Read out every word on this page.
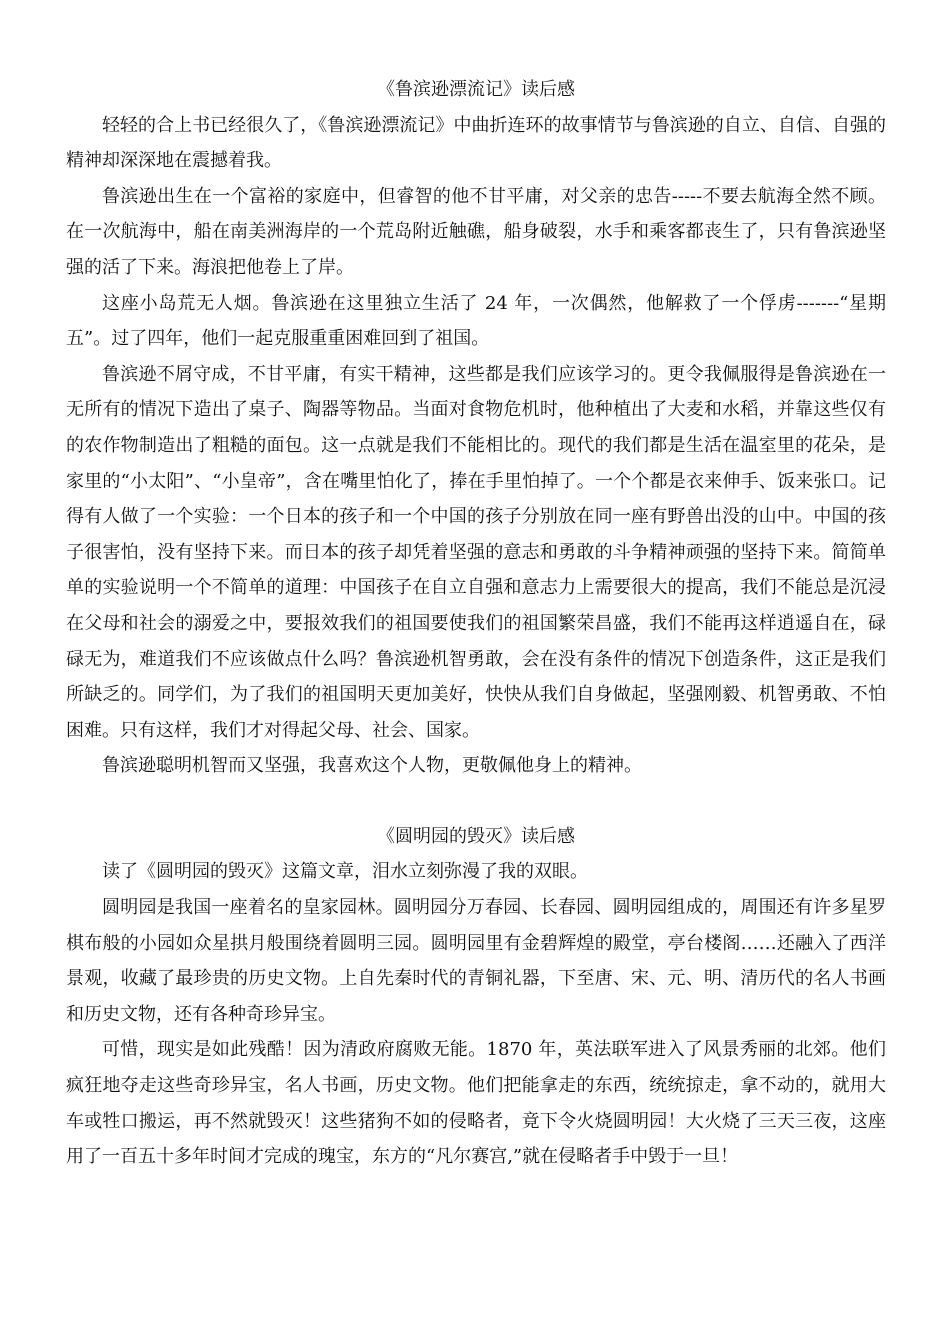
《鲁滨逊漂流记》读后感

轻轻的合上书已经很久了，《鲁滨逊漂流记》中曲折连环的故事情节与鲁滨逊的自立、自信、自强的精神却深深地在震撼着我。

鲁滨逊出生在一个富裕的家庭中，但睿智的他不甘平庸，对父亲的忠告-----不要去航海全然不顾。在一次航海中，船在南美洲海岸的一个荒岛附近触礁，船身破裂，水手和乘客都丧生了，只有鲁滨逊坚强的活了下来。海浪把他卷上了岸。

这座小岛荒无人烟。鲁滨逊在这里独立生活了 24 年，一次偶然，他解救了一个俘虏-------“星期五”。过了四年，他们一起克服重重困难回到了祖国。

鲁滨逊不屑守成，不甘平庸，有实干精神，这些都是我们应该学习的。更令我佩服得是鲁滨逊在一无所有的情况下造出了桌子、陶器等物品。当面对食物危机时，他种植出了大麦和水稻，并靠这些仅有的农作物制造出了粗糙的面包。这一点就是我们不能相比的。现代的我们都是生活在温室里的花朵，是家里的“小太阳”、“小皇帝”，含在嘴里怕化了，捧在手里怕掉了。一个个都是衣来伸手、饭来张口。记得有人做了一个实验：一个日本的孩子和一个中国的孩子分别放在同一座有野兽出没的山中。中国的孩子很害怕，没有坚持下来。而日本的孩子却凭着坚强的意志和勇敢的斗争精神顽强的坚持下来。简简单单的实验说明一个不简单的道理：中国孩子在自立自强和意志力上需要很大的提高，我们不能总是沉浸在父母和社会的溺爱之中，要报效我们的祖国要使我们的祖国繁荣昌盛，我们不能再这样逍遥自在，碌碌无为，难道我们不应该做点什么吗？鲁滨逊机智勇敢，会在没有条件的情况下创造条件，这正是我们所缺乏的。同学们，为了我们的祖国明天更加美好，快快从我们自身做起，坚强刚毅、机智勇敢、不怕困难。只有这样，我们才对得起父母、社会、国家。

鲁滨逊聪明机智而又坚强，我喜欢这个人物，更敬佩他身上的精神。

《圆明园的毁灭》读后感

读了《圆明园的毁灭》这篇文章，泪水立刻弥漫了我的双眼。

圆明园是我国一座着名的皇家园林。圆明园分万春园、长春园、圆明园组成的，周围还有许多星罗棋布般的小园如众星拱月般围绕着圆明三园。圆明园里有金碧辉煌的殿堂，亭台楼阁……还融入了西洋景观，收藏了最珍贵的历史文物。上自先秦时代的青铜礼器，下至唐、宋、元、明、清历代的名人书画和历史文物，还有各种奇珍异宝。

可惜，现实是如此残酷！因为清政府腐败无能。1870 年，英法联军进入了风景秀丽的北郊。他们疯狂地夺走这些奇珍异宝，名人书画，历史文物。他们把能拿走的东西，统统掠走，拿不动的，就用大车或牲口搬运，再不然就毁灭！这些猪狗不如的侵略者，竟下令火烧圆明园！大火烧了三天三夜，这座用了一百五十多年时间才完成的瑰宝，东方的“凡尔赛宫,”就在侵略者手中毁于一旦！
